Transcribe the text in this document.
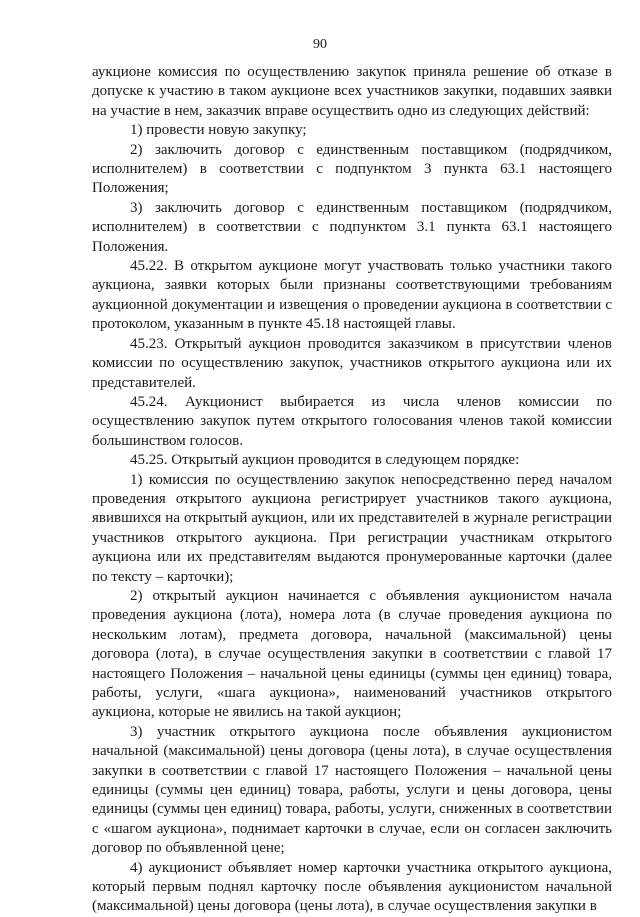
90

аукционе комиссия по осуществлению закупок приняла решение об отказе в допуске к участию в таком аукционе всех участников закупки, подавших заявки на участие в нем, заказчик вправе осуществить одно из следующих действий:

1) провести новую закупку;

2) заключить договор с единственным поставщиком (подрядчиком, исполнителем) в соответствии с подпунктом 3 пункта 63.1 настоящего Положения;

3) заключить договор с единственным поставщиком (подрядчиком, исполнителем) в соответствии с подпунктом 3.1 пункта 63.1 настоящего Положения.

45.22. В открытом аукционе могут участвовать только участники такого аукциона, заявки которых были признаны соответствующими требованиям аукционной документации и извещения о проведении аукциона в соответствии с протоколом, указанным в пункте 45.18 настоящей главы.

45.23. Открытый аукцион проводится заказчиком в присутствии членов комиссии по осуществлению закупок, участников открытого аукциона или их представителей.

45.24. Аукционист выбирается из числа членов комиссии по осуществлению закупок путем открытого голосования членов такой комиссии большинством голосов.

45.25. Открытый аукцион проводится в следующем порядке:

1) комиссия по осуществлению закупок непосредственно перед началом проведения открытого аукциона регистрирует участников такого аукциона, явившихся на открытый аукцион, или их представителей в журнале регистрации участников открытого аукциона. При регистрации участникам открытого аукциона или их представителям выдаются пронумерованные карточки (далее по тексту – карточки);

2) открытый аукцион начинается с объявления аукционистом начала проведения аукциона (лота), номера лота (в случае проведения аукциона по нескольким лотам), предмета договора, начальной (максимальной) цены договора (лота), в случае осуществления закупки в соответствии с главой 17 настоящего Положения – начальной цены единицы (суммы цен единиц) товара, работы, услуги, «шага аукциона», наименований участников открытого аукциона, которые не явились на такой аукцион;

3) участник открытого аукциона после объявления аукционистом начальной (максимальной) цены договора (цены лота), в случае осуществления закупки в соответствии с главой 17 настоящего Положения – начальной цены единицы (суммы цен единиц) товара, работы, услуги и цены договора, цены единицы (суммы цен единиц) товара, работы, услуги, сниженных в соответствии с «шагом аукциона», поднимает карточки в случае, если он согласен заключить договор по объявленной цене;

4) аукционист объявляет номер карточки участника открытого аукциона, который первым поднял карточку после объявления аукционистом начальной (максимальной) цены договора (цены лота), в случае осуществления закупки в
